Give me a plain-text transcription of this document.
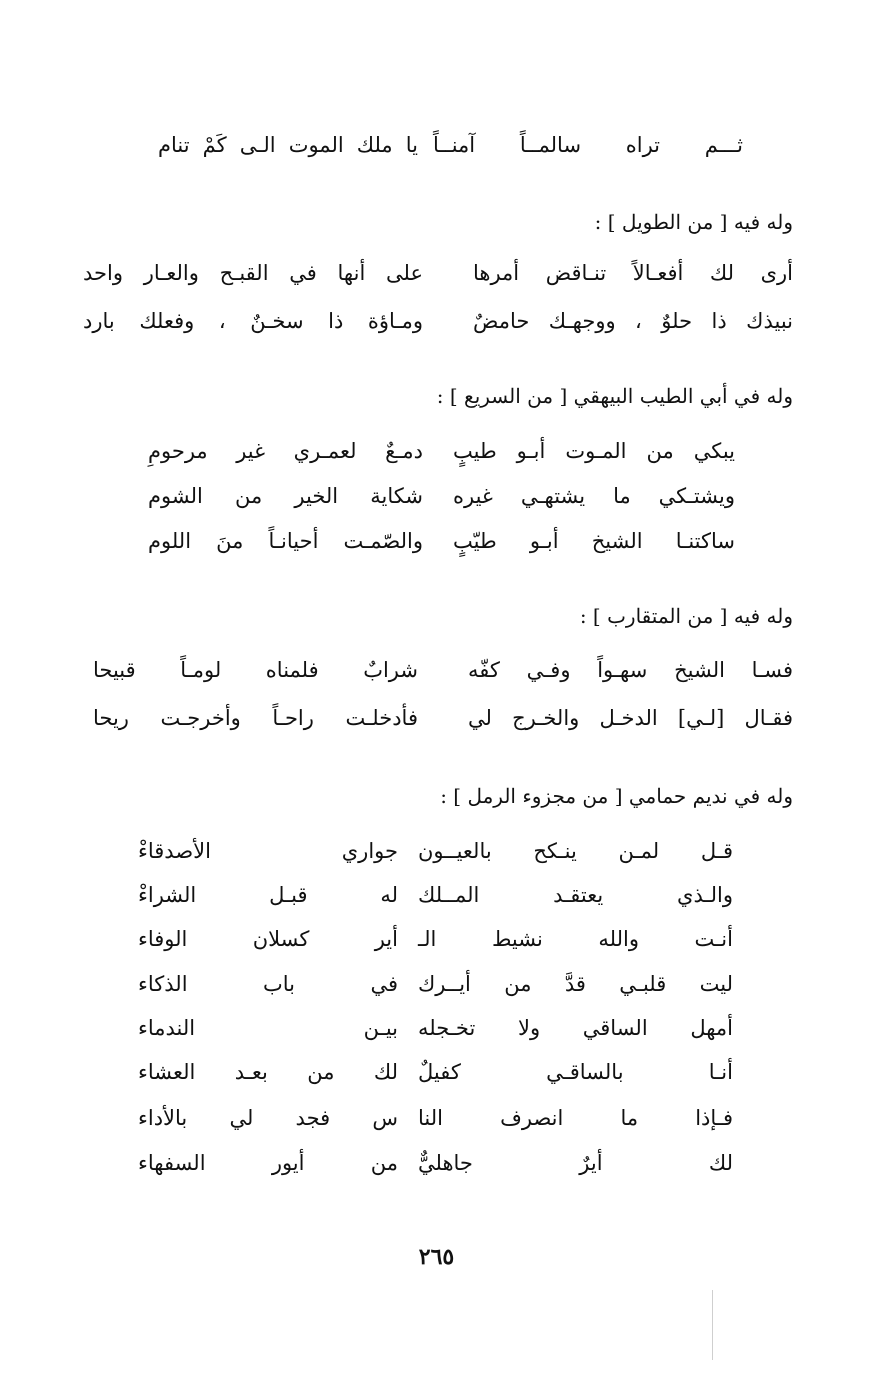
ثـــم تراه سالمــاً آمنــاً
يا ملك الموت الـى كَمْ تنام
وله فيه [ من الطويل ] :
أرى لك أفعـالاً تنـاقض أمرها
على أنها في القبـح والعـار واحد
نبيذك ذا حلوٌ ، ووجهـك حامضٌ
ومـاؤة ذا سخـنٌ ، وفعلك بارد
وله في أبي الطيب البيهقي [ من السريع ] :
يبكي من المـوت أبـو طيبٍ
دمـعٌ لعمـري غير مرحومِ
ويشتـكي ما يشتهـي غيره
شكاية الخير من الشوم
ساكتنـا الشيخ أبـو طيّبٍ
والصّمـت أحيانـاً منَ اللوم
وله فيه [ من المتقارب ] :
فسـا الشيخ سهـواً وفـي كفّه
شرابٌ فلمناه لومـاً قبيحا
فقـال [لـي] الدخـل والخـرج لي
فأدخلـت راحـاً وأخرجـت ريحا
وله في نديم حمامي [ من مجزوء الرمل ] :
قـل لمـن ينـكح بالعيــون
جواري الأصدقاءْ
والـذي يعتقـد المــلك
له قبـل الشراءْ
أنـت والله نشيط الـ
أير كسلان الوفاء
ليت قلبـي قدَّ من أيــرك
في باب الذكاء
أمهل الساقي ولا تخـجله
بيـن الندماء
أنـا بالساقـي كفيلٌ
لك من بعـد العشاء
فـإذا ما انصرف النا
س فجد لي بالأداء
لك أيرٌ جاهليٌّ
من أيور السفهاء
٢٦٥
